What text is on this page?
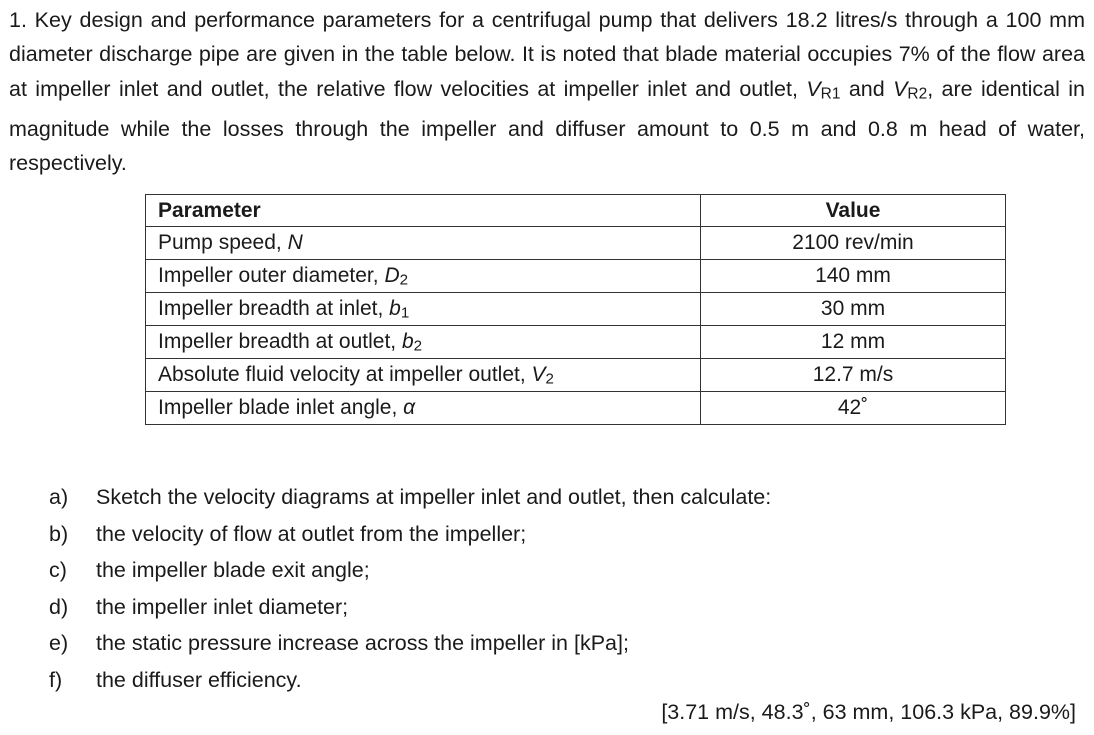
1. Key design and performance parameters for a centrifugal pump that delivers 18.2 litres/s through a 100 mm diameter discharge pipe are given in the table below. It is noted that blade material occupies 7% of the flow area at impeller inlet and outlet, the relative flow velocities at impeller inlet and outlet, $V_{R1}$ and $V_{R2}$, are identical in magnitude while the losses through the impeller and diffuser amount to 0.5 m and 0.8 m head of water, respectively.
Parameter	Value
Pump speed, N	2100 rev/min
Impeller outer diameter, $D_2$	140 mm
Impeller breadth at inlet, $b_1$	30 mm
Impeller breadth at outlet, $b_2$	12 mm
Absolute fluid velocity at impeller outlet, $V_2$	12.7 m/s
Impeller blade inlet angle, α	42˚
a) Sketch the velocity diagrams at impeller inlet and outlet, then calculate:
b) the velocity of flow at outlet from the impeller;
c) the impeller blade exit angle;
d) the impeller inlet diameter;
e) the static pressure increase across the impeller in [kPa];
f) the diffuser efficiency.
[3.71 m/s, 48.3˚, 63 mm, 106.3 kPa, 89.9%]
